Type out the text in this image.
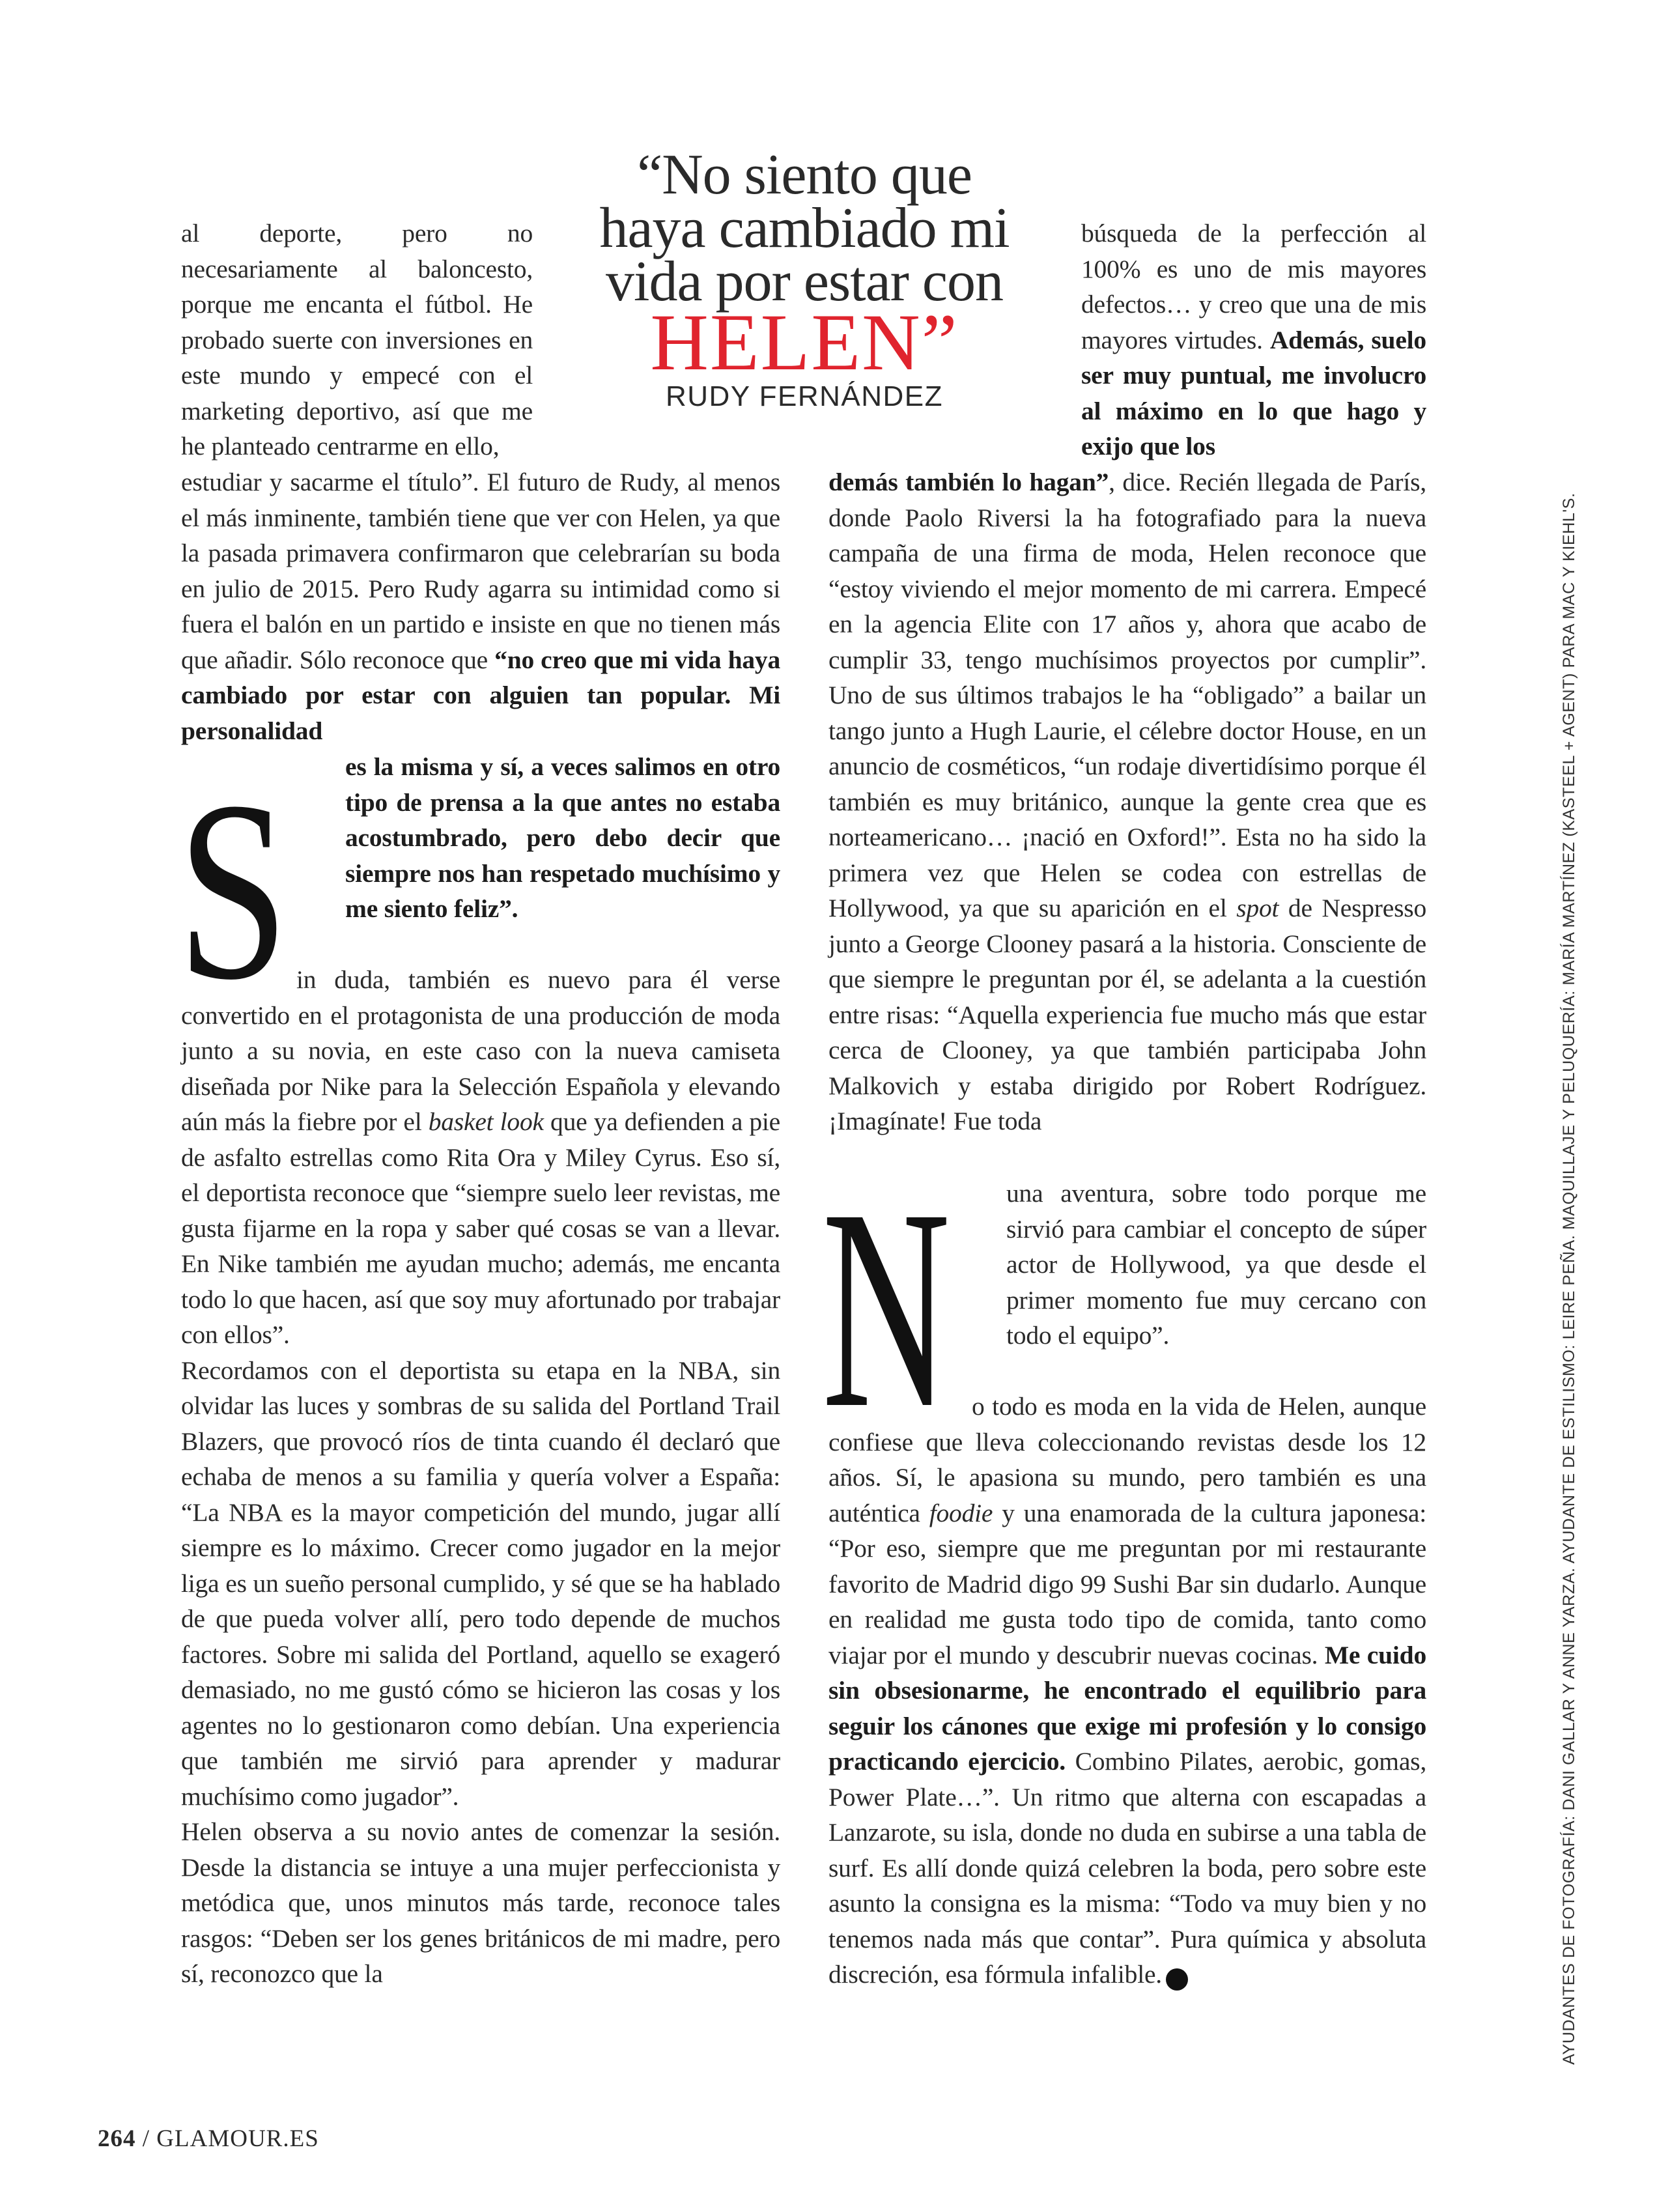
“No siento que
haya cambiado mi
vida por estar con
HELEN”
RUDY FERNÁNDEZ

al deporte, pero no necesariamente al baloncesto, porque me encanta el fútbol. He probado suerte con inversiones en este mundo y empecé con el marketing deportivo, así que me he planteado centrarme en ello,

estudiar y sacarme el título”. El futuro de Rudy, al menos el más inminente, también tiene que ver con Helen, ya que la pasada primavera confirmaron que celebrarían su boda en julio de 2015. Pero Rudy agarra su intimidad como si fuera el balón en un partido e insiste en que no tienen más que añadir. Sólo reconoce que “no creo que mi vida haya cambiado por estar con alguien tan popular. Mi personalidad

es la misma y sí, a veces salimos en otro tipo de prensa a la que antes no estaba acostumbrado, pero debo decir que siempre nos han respetado muchísimo y me siento feliz”.

S in duda, también es nuevo para él verse convertido en el protagonista de una producción de moda junto a su novia, en este caso con la nueva camiseta diseñada por Nike para la Selección Española y elevando aún más la fiebre por el basket look que ya defienden a pie de asfalto estrellas como Rita Ora y Miley Cyrus. Eso sí, el deportista reconoce que “siempre suelo leer revistas, me gusta fijarme en la ropa y saber qué cosas se van a llevar. En Nike también me ayudan mucho; además, me encanta todo lo que hacen, así que soy muy afortunado por trabajar con ellos”.

Recordamos con el deportista su etapa en la NBA, sin olvidar las luces y sombras de su salida del Portland Trail Blazers, que provocó ríos de tinta cuando él declaró que echaba de menos a su familia y quería volver a España: “La NBA es la mayor competición del mundo, jugar allí siempre es lo máximo. Crecer como jugador en la mejor liga es un sueño personal cumplido, y sé que se ha hablado de que pueda volver allí, pero todo depende de muchos factores. Sobre mi salida del Portland, aquello se exageró demasiado, no me gustó cómo se hicieron las cosas y los agentes no lo gestionaron como debían. Una experiencia que también me sirvió para aprender y madurar muchísimo como jugador”.

Helen observa a su novio antes de comenzar la sesión. Desde la distancia se intuye a una mujer perfeccionista y metódica que, unos minutos más tarde, reconoce tales rasgos: “Deben ser los genes británicos de mi madre, pero sí, reconozco que la

búsqueda de la perfección al 100% es uno de mis mayores defectos… y creo que una de mis mayores virtudes. Además, suelo ser muy puntual, me involucro al máximo en lo que hago y exijo que los

demás también lo hagan”, dice. Recién llegada de París, donde Paolo Riversi la ha fotografiado para la nueva campaña de una firma de moda, Helen reconoce que “estoy viviendo el mejor momento de mi carrera. Empecé en la agencia Elite con 17 años y, ahora que acabo de cumplir 33, tengo muchísimos proyectos por cumplir”. Uno de sus últimos trabajos le ha “obligado” a bailar un tango junto a Hugh Laurie, el célebre doctor House, en un anuncio de cosméticos, “un rodaje divertidísimo porque él también es muy británico, aunque la gente crea que es norteamericano… ¡nació en Oxford!”. Esta no ha sido la primera vez que Helen se codea con estrellas de Hollywood, ya que su aparición en el spot de Nespresso junto a George Clooney pasará a la historia. Consciente de que siempre le preguntan por él, se adelanta a la cuestión entre risas: “Aquella experiencia fue mucho más que estar cerca de Clooney, ya que también participaba John Malkovich y estaba dirigido por Robert Rodríguez. ¡Imagínate! Fue toda

una aventura, sobre todo porque me sirvió para cambiar el concepto de súper actor de Hollywood, ya que desde el primer momento fue muy cercano con todo el equipo”.

N o todo es moda en la vida de Helen, aunque confiese que lleva coleccionando revistas desde los 12 años. Sí, le apasiona su mundo, pero también es una auténtica foodie y una enamorada de la cultura japonesa: “Por eso, siempre que me preguntan por mi restaurante favorito de Madrid digo 99 Sushi Bar sin dudarlo. Aunque en realidad me gusta todo tipo de comida, tanto como viajar por el mundo y descubrir nuevas cocinas. Me cuido sin obsesionarme, he encontrado el equilibrio para seguir los cánones que exige mi profesión y lo consigo practicando ejercicio. Combino Pilates, aerobic, gomas, Power Plate…”. Un ritmo que alterna con escapadas a Lanzarote, su isla, donde no duda en subirse a una tabla de surf. Es allí donde quizá celebren la boda, pero sobre este asunto la consigna es la misma: “Todo va muy bien y no tenemos nada más que contar”. Pura química y absoluta discreción, esa fórmula infalible.	G

264 / GLAMOUR.ES
AYUDANTES DE FOTOGRAFÍA: DANI GALLAR Y ANNE YARZA. AYUDANTE DE ESTILISMO: LEIRE PEÑA. MAQUILLAJE Y PELUQUERÍA: MARÍA MARTÍNEZ (KASTEEL + AGENT) PARA MAC Y KIEHL'S.
